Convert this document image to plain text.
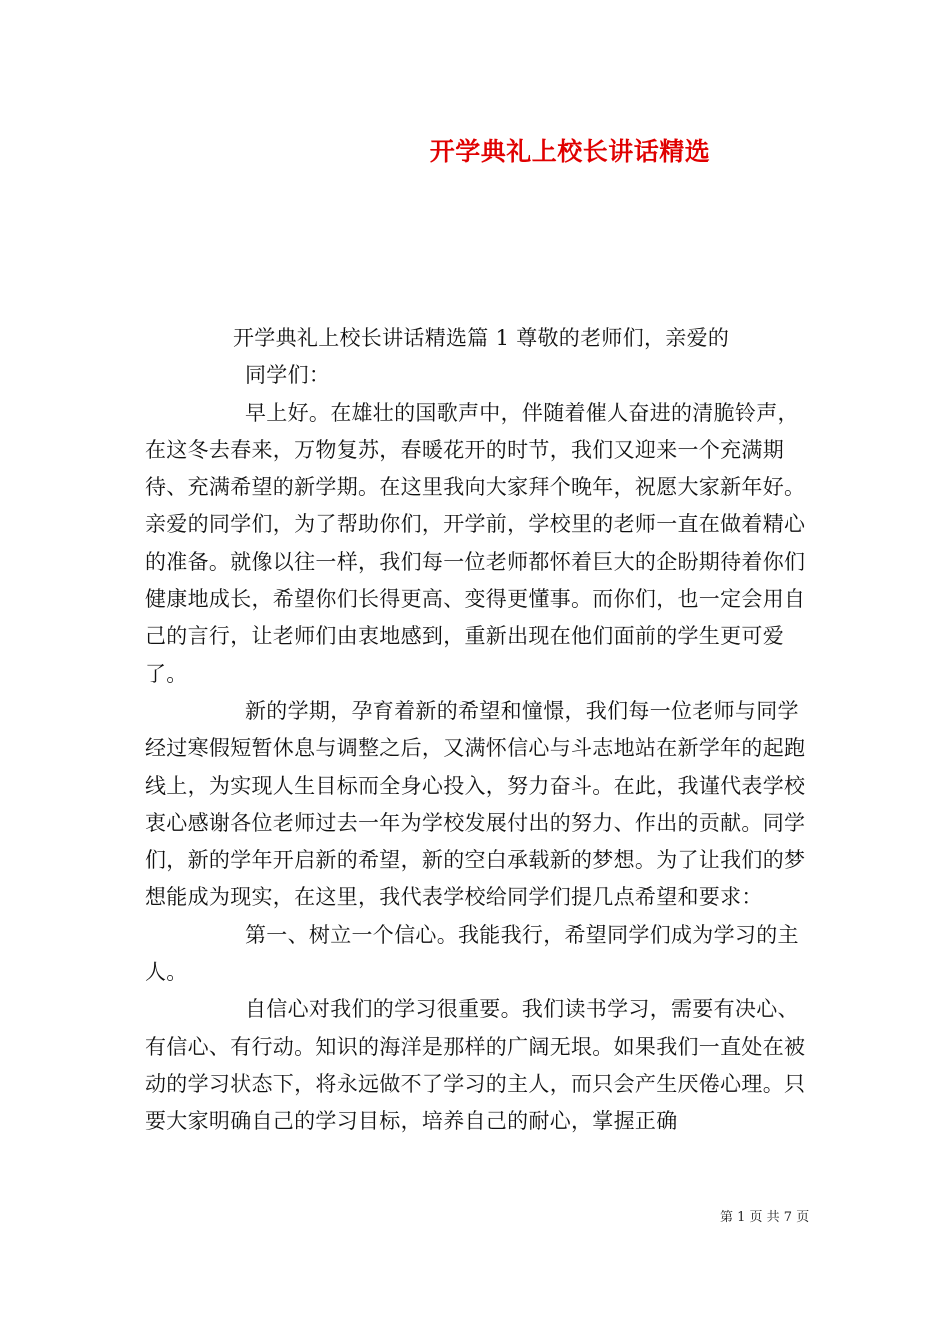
开学典礼上校长讲话精选

开学典礼上校长讲话精选篇 1 尊敬的老师们，亲爱的

同学们：

早上好。在雄壮的国歌声中，伴随着催人奋进的清脆铃声，在这冬去春来，万物复苏，春暖花开的时节，我们又迎来一个充满期待、充满希望的新学期。在这里我向大家拜个晚年，祝愿大家新年好。亲爱的同学们，为了帮助你们，开学前，学校里的老师一直在做着精心的准备。就像以往一样，我们每一位老师都怀着巨大的企盼期待着你们健康地成长，希望你们长得更高、变得更懂事。而你们，也一定会用自己的言行，让老师们由衷地感到，重新出现在他们面前的学生更可爱了。

新的学期，孕育着新的希望和憧憬，我们每一位老师与同学经过寒假短暂休息与调整之后，又满怀信心与斗志地站在新学年的起跑线上，为实现人生目标而全身心投入，努力奋斗。在此，我谨代表学校衷心感谢各位老师过去一年为学校发展付出的努力、作出的贡献。同学们，新的学年开启新的希望，新的空白承载新的梦想。为了让我们的梦想能成为现实，在这里，我代表学校给同学们提几点希望和要求：

第一、树立一个信心。我能我行，希望同学们成为学习的主人。

自信心对我们的学习很重要。我们读书学习，需要有决心、有信心、有行动。知识的海洋是那样的广阔无垠。如果我们一直处在被动的学习状态下，将永远做不了学习的主人，而只会产生厌倦心理。只要大家明确自己的学习目标，培养自己的耐心，掌握正确

第 1 页 共 7 页
